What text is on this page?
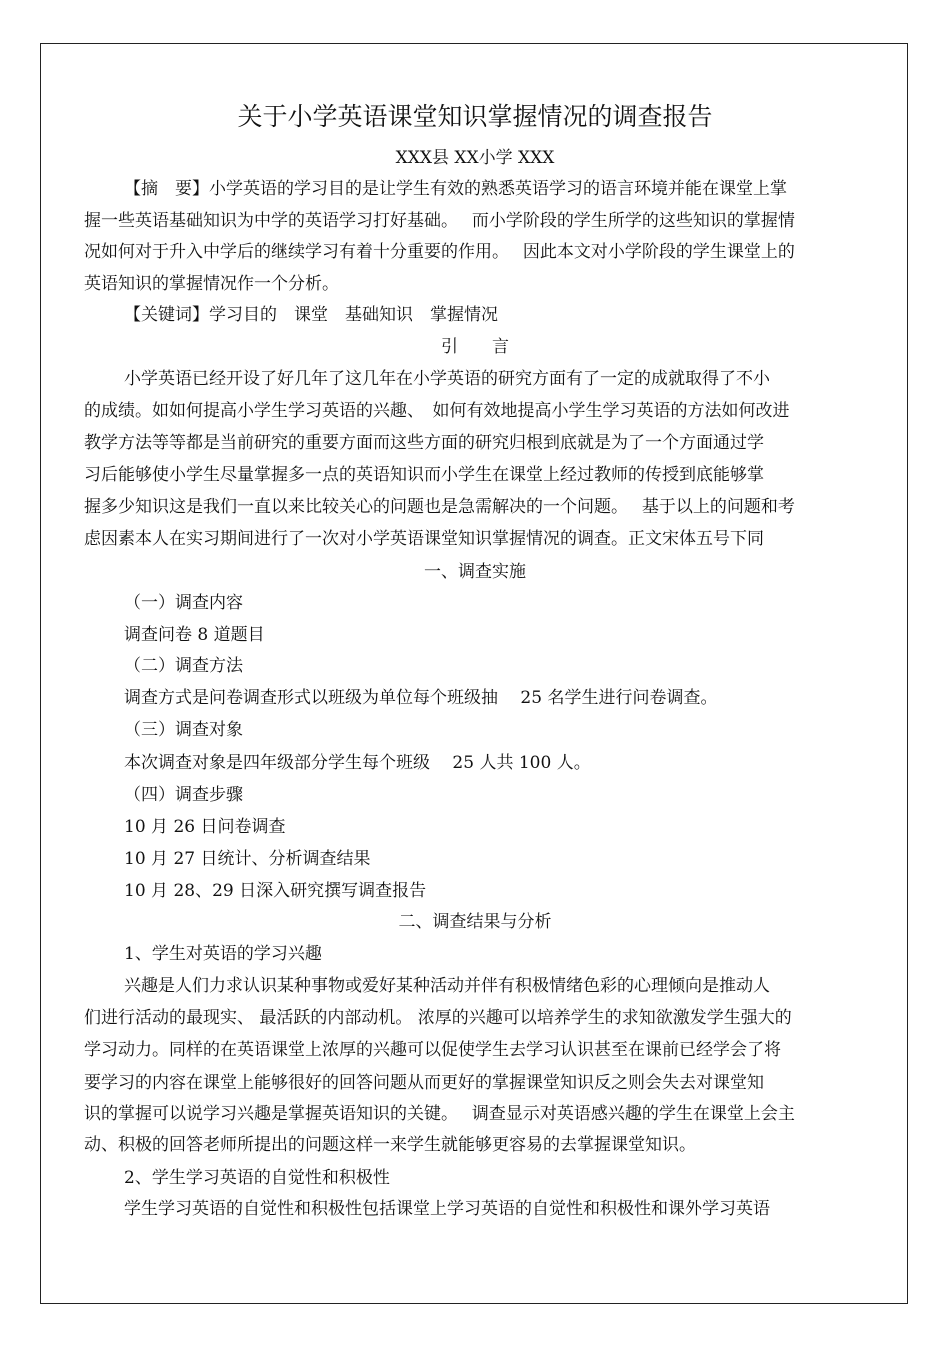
关于小学英语课堂知识掌握情况的调查报告
XXX县 XX小学 XXX
【摘　要】小学英语的学习目的是让学生有效的熟悉英语学习的语言环境并能在课堂上掌
握一些英语基础知识为中学的英语学习打好基础。　 而小学阶段的学生所学的这些知识的掌握情
况如何对于升入中学后的继续学习有着十分重要的作用。　 因此本文对小学阶段的学生课堂上的
英语知识的掌握情况作一个分析。
【关键词】学习目的　课堂　基础知识　掌握情况
引　　言
小学英语已经开设了好几年了这几年在小学英语的研究方面有了一定的成就取得了不小
的成绩。如如何提高小学生学习英语的兴趣、　如何有效地提高小学生学习英语的方法如何改进
教学方法等等都是当前研究的重要方面而这些方面的研究归根到底就是为了一个方面通过学
习后能够使小学生尽量掌握多一点的英语知识而小学生在课堂上经过教师的传授到底能够掌
握多少知识这是我们一直以来比较关心的问题也是急需解决的一个问题。　 基于以上的问题和考
虑因素本人在实习期间进行了一次对小学英语课堂知识掌握情况的调查。正文宋体五号下同
一、调查实施
（一）调查内容
调查问卷 8 道题目
（二）调查方法
调查方式是问卷调查形式以班级为单位每个班级抽　 25 名学生进行问卷调查。
（三）调查对象
本次调查对象是四年级部分学生每个班级　 25 人共 100 人。
（四）调查步骤
10 月 26 日问卷调查
10 月 27 日统计、分析调查结果
10 月 28、29 日深入研究撰写调查报告
二、调查结果与分析
1、学生对英语的学习兴趣
兴趣是人们力求认识某种事物或爱好某种活动并伴有积极情绪色彩的心理倾向是推动人
们进行活动的最现实、 最活跃的内部动机。 浓厚的兴趣可以培养学生的求知欲激发学生强大的
学习动力。同样的在英语课堂上浓厚的兴趣可以促使学生去学习认识甚至在课前已经学会了将
要学习的内容在课堂上能够很好的回答问题从而更好的掌握课堂知识反之则会失去对课堂知
识的掌握可以说学习兴趣是掌握英语知识的关键。　 调查显示对英语感兴趣的学生在课堂上会主
动、积极的回答老师所提出的问题这样一来学生就能够更容易的去掌握课堂知识。
2、学生学习英语的自觉性和积极性
学生学习英语的自觉性和积极性包括课堂上学习英语的自觉性和积极性和课外学习英语
